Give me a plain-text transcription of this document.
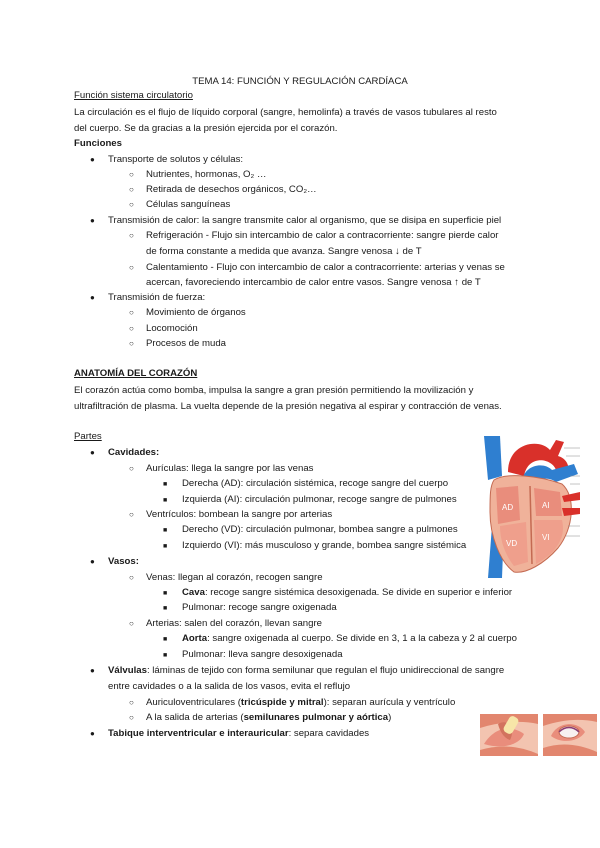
TEMA 14: FUNCIÓN Y REGULACIÓN CARDÍACA
Función sistema circulatorio
La circulación es el flujo de líquido corporal (sangre, hemolinfa) a través de vasos tubulares al resto
del cuerpo. Se da gracias a la presión ejercida por el corazón.
Funciones
● Transporte de solutos y células:
○ Nutrientes, hormonas, O₂ …
○ Retirada de desechos orgánicos, CO₂…
○ Células sanguíneas
● Transmisión de calor: la sangre transmite calor al organismo, que se disipa en superficie piel
○ Refrigeración - Flujo sin intercambio de calor a contracorriente: sangre pierde calor
de forma constante a medida que avanza. Sangre venosa ↓ de T
○ Calentamiento - Flujo con intercambio de calor a contracorriente: arterias y venas se
acercan, favoreciendo intercambio de calor entre vasos. Sangre venosa ↑ de T
● Transmisión de fuerza:
○ Movimiento de órganos
○ Locomoción
○ Procesos de muda
ANATOMÍA DEL CORAZÓN
El corazón actúa como bomba, impulsa la sangre a gran presión permitiendo la movilización y
ultrafiltración de plasma. La vuelta depende de la presión negativa al espirar y contracción de venas.
Partes
● Cavidades:
○ Aurículas: llega la sangre por las venas
■ Derecha (AD): circulación sistémica, recoge sangre del cuerpo
■ Izquierda (AI): circulación pulmonar, recoge sangre de pulmones
○ Ventrículos: bombean la sangre por arterias
■ Derecho (VD): circulación pulmonar, bombea sangre a pulmones
■ Izquierdo (VI): más musculoso y grande, bombea sangre sistémica
● Vasos:
○ Venas: llegan al corazón, recogen sangre
■ Cava: recoge sangre sistémica desoxigenada. Se divide en superior e inferior
■ Pulmonar: recoge sangre oxigenada
○ Arterias: salen del corazón, llevan sangre
■ Aorta: sangre oxigenada al cuerpo. Se divide en 3, 1 a la cabeza y 2 al cuerpo
■ Pulmonar: lleva sangre desoxigenada
● Válvulas: láminas de tejido con forma semilunar que regulan el flujo unidireccional de sangre
entre cavidades o a la salida de los vasos, evita el reflujo
○ Auriculoventriculares (tricúspide y mitral): separan aurícula y ventrículo
○ A la salida de arterias (semilunares pulmonar y aórtica)
● Tabique interventricular e interauricular: separa cavidades
AD	AI
VD
VI
